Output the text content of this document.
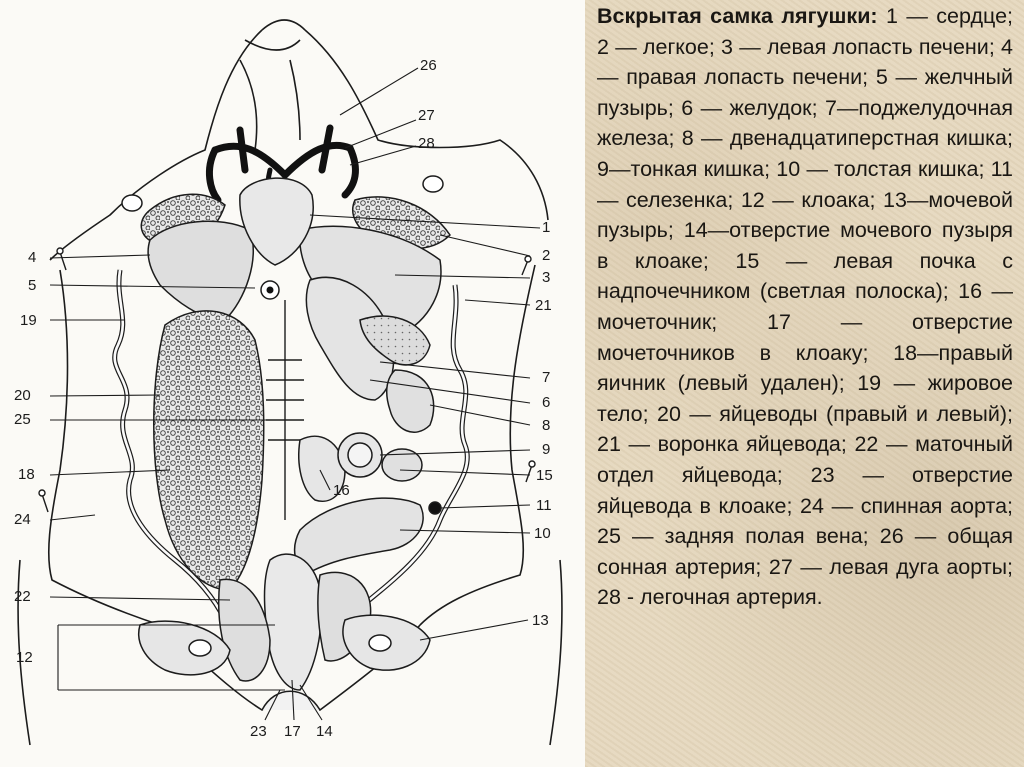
26
27
28
1
2
3
21
7
6
8
9
15
11
10
13
16
4
5
19
20
25
18
24
22
12
23 17 14

Вскрытая самка лягушки: 1 — сердце; 2 — легкое; 3 — левая лопасть печени; 4 — правая лопасть печени; 5 — желчный пузырь; 6 — желудок; 7—поджелудочная железа; 8 — двенадцатиперстная кишка; 9—тонкая кишка; 10 — толстая кишка; 11 — селезенка; 12 — клоака; 13—мочевой пузырь; 14—отверстие мочевого пузыря в клоаке; 15 — левая почка с надпочечником (светлая полоска); 16 — мочеточник; 17 — отверстие мочеточников в клоаку; 18—правый яичник (левый удален); 19 — жировое тело; 20 — яйцеводы (правый и левый); 21 — воронка яйцевода; 22 — маточный отдел яйцевода; 23 — отверстие яйцевода в клоаке; 24 — спинная аорта; 25 — задняя полая вена; 26 — общая сонная артерия; 27 — левая дуга аорты; 28 - легочная артерия.
